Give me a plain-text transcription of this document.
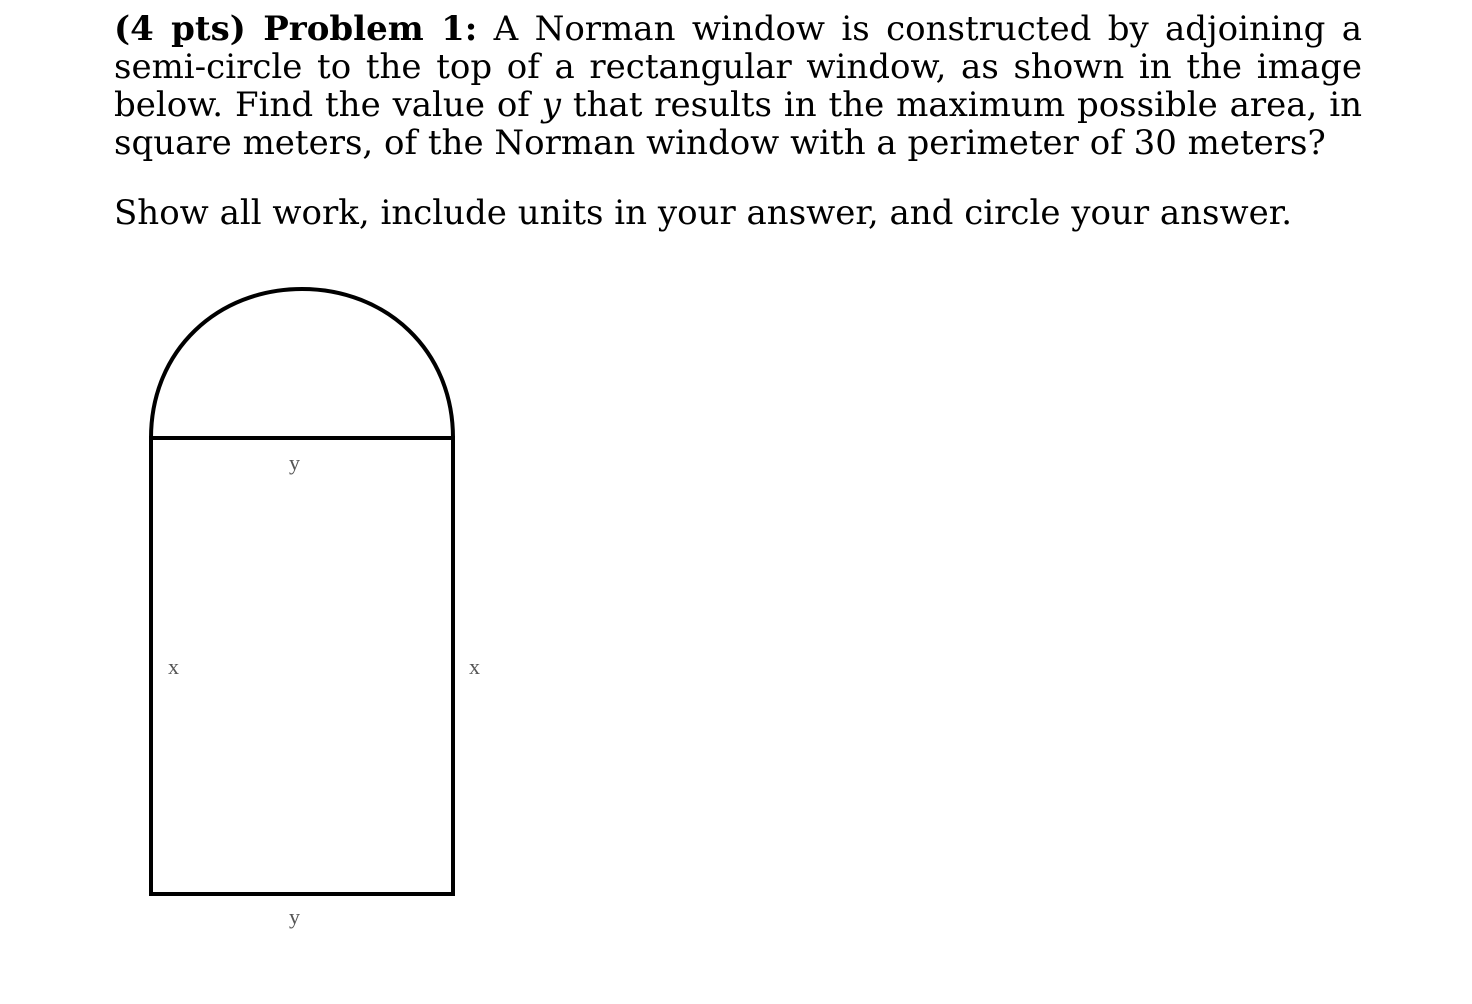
(4 pts) Problem 1: A Norman window is constructed by adjoining a semi-circle to the top of a rectangular window, as shown in the image below. Find the value of y that results in the maximum possible area, in square meters, of the Norman window with a perimeter of 30 meters?

Show all work, include units in your answer, and circle your answer.

y
y
x	x
